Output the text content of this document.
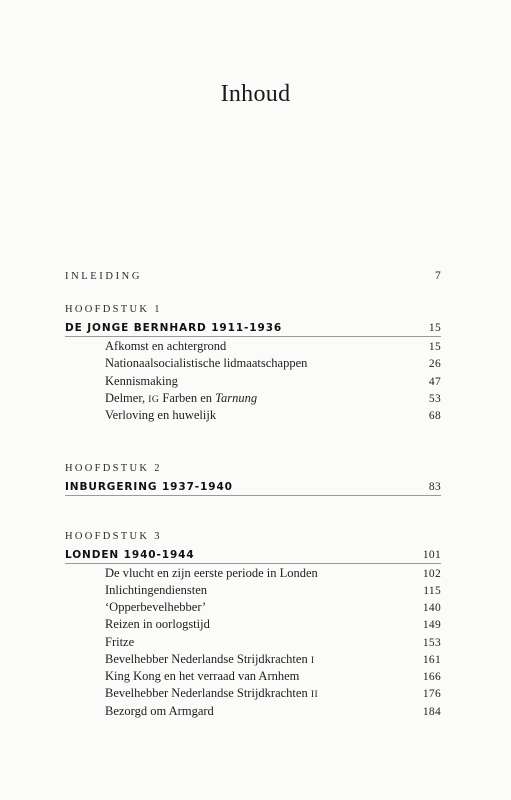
Inhoud
INLEIDING	7
HOOFDSTUK 1
DE JONGE BERNHARD 1911-1936	15
Afkomst en achtergrond	15
Nationaalsocialistische lidmaatschappen	26
Kennismaking	47
Delmer, IG Farben en Tarnung	53
Verloving en huwelijk	68
HOOFDSTUK 2
INBURGERING 1937-1940	83
HOOFDSTUK 3
LONDEN 1940-1944	101
De vlucht en zijn eerste periode in Londen	102
Inlichtingendiensten	115
‘Opperbevelhebber’	140
Reizen in oorlogstijd	149
Fritze	153
Bevelhebber Nederlandse Strijdkrachten I	161
King Kong en het verraad van Arnhem	166
Bevelhebber Nederlandse Strijdkrachten II	176
Bezorgd om Armgard	184
